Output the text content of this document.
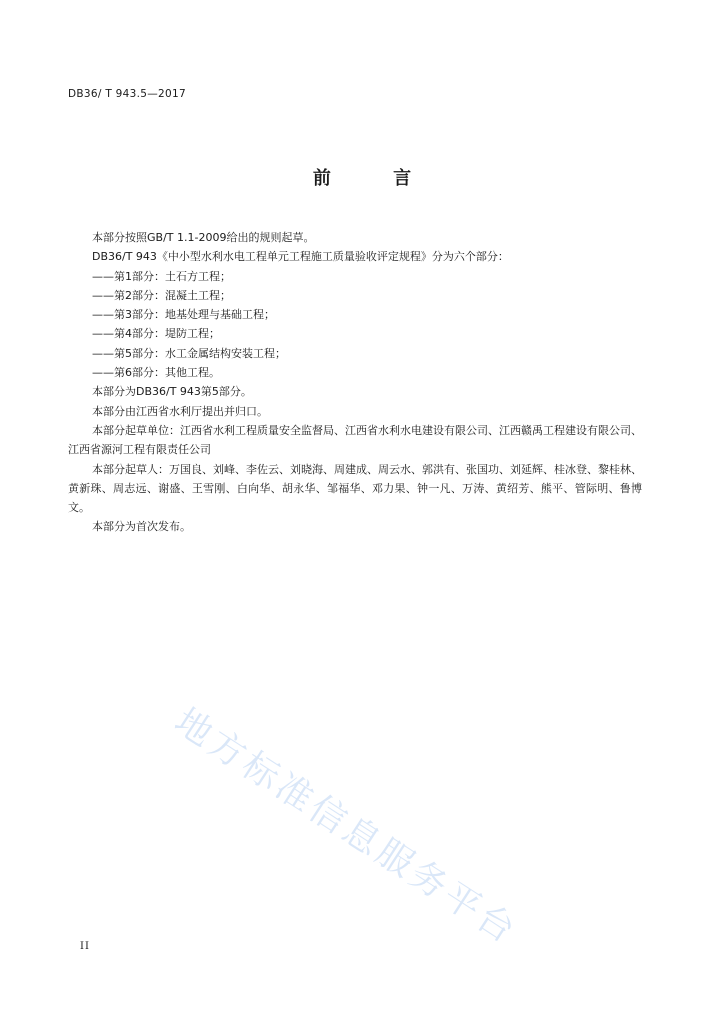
DB36/ T 943.5—2017
前 言

本部分按照GB/T 1.1-2009给出的规则起草。

DB36/T 943《中小型水利水电工程单元工程施工质量验收评定规程》分为六个部分：

——第1部分：土石方工程；

——第2部分：混凝土工程；

——第3部分：地基处理与基础工程；

——第4部分：堤防工程；

——第5部分：水工金属结构安装工程；

——第6部分：其他工程。

本部分为DB36/T 943第5部分。

本部分由江西省水利厅提出并归口。

本部分起草单位：江西省水利工程质量安全监督局、江西省水利水电建设有限公司、江西赣禹工程建设有限公司、江西省源河工程有限责任公司

本部分起草人：万国良、刘峰、李佐云、刘晓海、周建成、周云水、郭洪有、张国功、刘延辉、桂冰登、黎桂林、黄新珠、周志远、谢盛、王雪刚、白向华、胡永华、邹福华、邓力果、钟一凡、万涛、黄绍芳、熊平、管际明、鲁博文。

本部分为首次发布。

地方标准信息服务平台
II
